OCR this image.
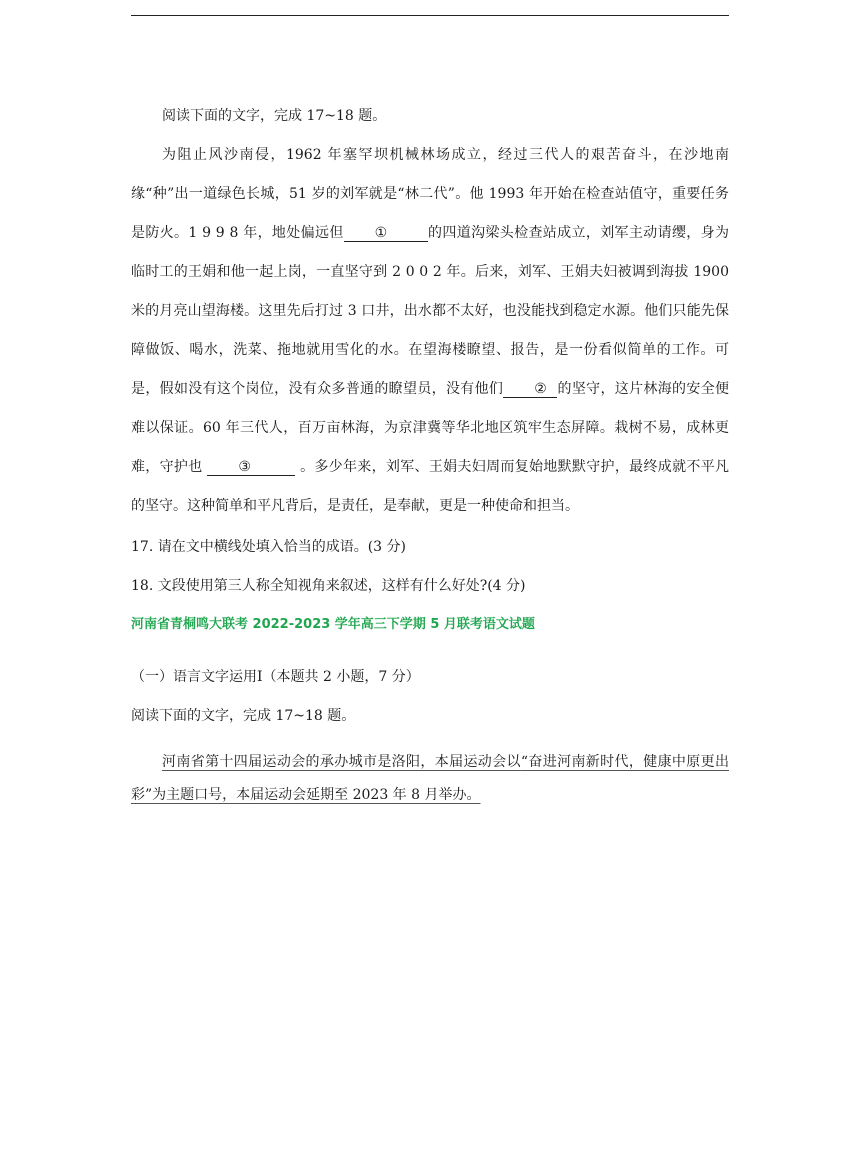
阅读下面的文字，完成 17~18 题。

为阻止风沙南侵，1962 年塞罕坝机械林场成立，经过三代人的艰苦奋斗，在沙地南缘“种”出一道绿色长城，51 岁的刘军就是“林二代”。他 1993 年开始在检查站值守，重要任务是防火。1 9 9 8 年，地处偏远但 ①	的四道沟梁头检查站成立，刘军主动请缨，身为临时工的王娟和他一起上岗，一直坚守到 2 0 0 2 年。后来，刘军、王娟夫妇被调到海拔 1900 米的月亮山望海楼。这里先后打过 3 口井，出水都不太好，也没能找到稳定水源。他们只能先保障做饭、喝水，洗菜、拖地就用雪化的水。在望海楼瞭望、报告，是一份看似简单的工作。可是，假如没有这个岗位，没有众多普通的瞭望员，没有他们 ② 的坚守，这片林海的安全便难以保证。60 年三代人，百万亩林海，为京津冀等华北地区筑牢生态屏障。栽树不易，成林更难，守护也 ③	。多少年来，刘军、王娟夫妇周而复始地默默守护，最终成就不平凡的坚守。这种简单和平凡背后，是责任，是奉献，更是一种使命和担当。

17. 请在文中横线处填入恰当的成语。(3 分)

18. 文段使用第三人称全知视角来叙述，这样有什么好处?(4 分)

河南省青桐鸣大联考 2022-2023 学年高三下学期 5 月联考语文试题

（一）语言文字运用Ⅰ（本题共 2 小题，7 分）

阅读下面的文字，完成 17~18 题。

河南省第十四届运动会的承办城市是洛阳，本届运动会以“奋进河南新时代，健康中原更出彩”为主题口号，本届运动会延期至 2023 年 8 月举办。
